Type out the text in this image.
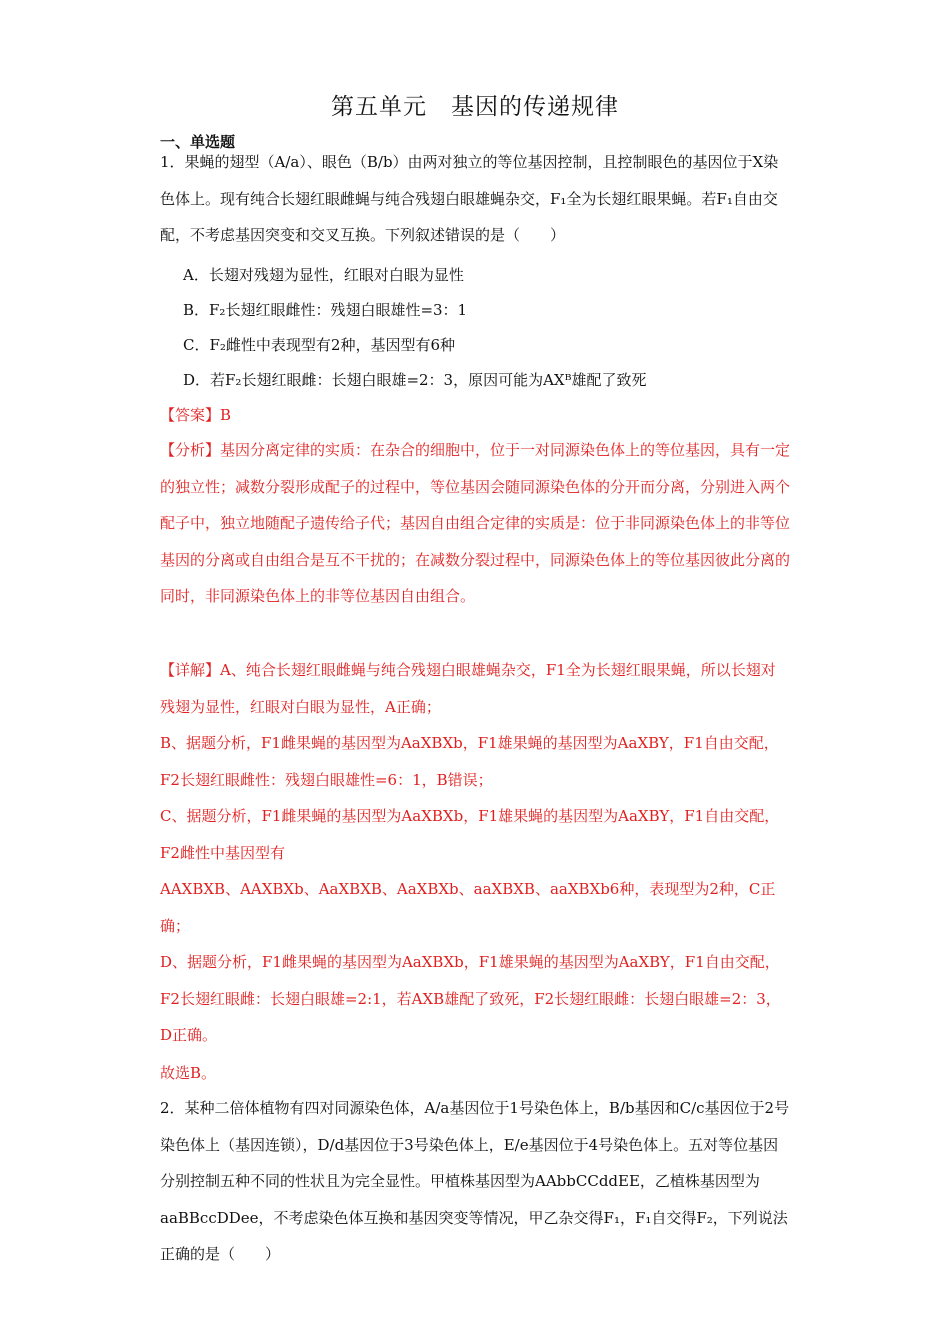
第五单元　基因的传递规律
一、单选题
1．果蝇的翅型（A/a）、眼色（B/b）由两对独立的等位基因控制，且控制眼色的基因位于X染色体上。现有纯合长翅红眼雌蝇与纯合残翅白眼雄蝇杂交，F₁全为长翅红眼果蝇。若F₁自由交配，不考虑基因突变和交叉互换。下列叙述错误的是（　　）
A．长翅对残翅为显性，红眼对白眼为显性
B．F₂长翅红眼雌性：残翅白眼雄性=3：1
C．F₂雌性中表现型有2种，基因型有6种
D．若F₂长翅红眼雌：长翅白眼雄=2：3，原因可能为AXᴮ雄配了致死
【答案】B
【分析】基因分离定律的实质：在杂合的细胞中，位于一对同源染色体上的等位基因，具有一定的独立性；减数分裂形成配子的过程中，等位基因会随同源染色体的分开而分离，分别进入两个配子中，独立地随配子遗传给子代；基因自由组合定律的实质是：位于非同源染色体上的非等位基因的分离或自由组合是互不干扰的；在减数分裂过程中，同源染色体上的等位基因彼此分离的同时，非同源染色体上的非等位基因自由组合。
【详解】A、纯合长翅红眼雌蝇与纯合残翅白眼雄蝇杂交，F1全为长翅红眼果蝇，所以长翅对残翅为显性，红眼对白眼为显性，A正确；
B、据题分析，F1雌果蝇的基因型为AaXBXb，F1雄果蝇的基因型为AaXBY，F1自由交配，F2长翅红眼雌性：残翅白眼雄性=6：1，B错误；
C、据题分析，F1雌果蝇的基因型为AaXBXb，F1雄果蝇的基因型为AaXBY，F1自由交配，F2雌性中基因型有
AAXBXB、AAXBXb、AaXBXB、AaXBXb、aaXBXB、aaXBXb6种，表现型为2种，C正确；
D、据题分析，F1雌果蝇的基因型为AaXBXb，F1雄果蝇的基因型为AaXBY，F1自由交配，F2长翅红眼雌：长翅白眼雄=2:1，若AXB雄配了致死，F2长翅红眼雌：长翅白眼雄=2：3，D正确。
故选B。
2．某种二倍体植物有四对同源染色体，A/a基因位于1号染色体上，B/b基因和C/c基因位于2号染色体上（基因连锁），D/d基因位于3号染色体上，E/e基因位于4号染色体上。五对等位基因分别控制五种不同的性状且为完全显性。甲植株基因型为AAbbCCddEE，乙植株基因型为aaBBccDDee，不考虑染色体互换和基因突变等情况，甲乙杂交得F₁，F₁自交得F₂，下列说法正确的是（　　）
